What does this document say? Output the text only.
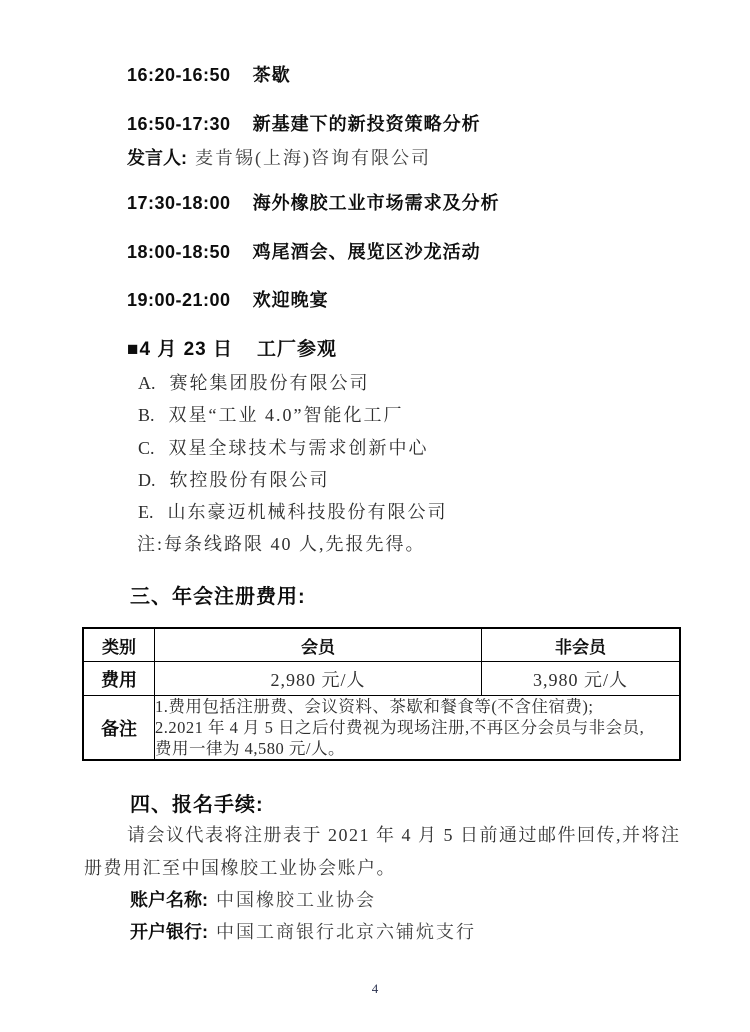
16:20-16:50 茶歇
16:50-17:30 新基建下的新投资策略分析
发言人: 麦肯锡(上海)咨询有限公司
17:30-18:00 海外橡胶工业市场需求及分析
18:00-18:50 鸡尾酒会、展览区沙龙活动
19:00-21:00 欢迎晚宴
■4 月 23 日 工厂参观
A. 赛轮集团股份有限公司
B. 双星“工业 4.0”智能化工厂
C. 双星全球技术与需求创新中心
D. 软控股份有限公司
E. 山东豪迈机械科技股份有限公司
注:每条线路限 40 人,先报先得。
三、年会注册费用:
类别	会员	非会员
费用	2,980 元/人	3,980 元/人
备注	1.费用包括注册费、会议资料、茶歇和餐食等(不含住宿费);
2.2021 年 4 月 5 日之后付费视为现场注册,不再区分会员与非会员,
费用一律为 4,580 元/人。	
四、报名手续:
请会议代表将注册表于 2021 年 4 月 5 日前通过邮件回传,并将注
册费用汇至中国橡胶工业协会账户。
账户名称: 中国橡胶工业协会
开户银行: 中国工商银行北京六铺炕支行
4
